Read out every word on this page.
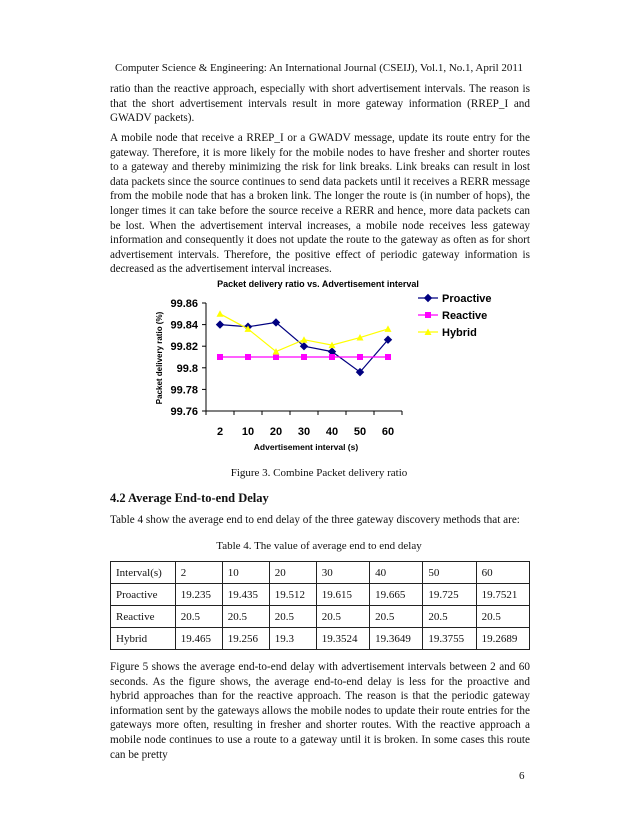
Computer Science & Engineering: An International Journal (CSEIJ), Vol.1, No.1, April 2011

ratio than the reactive approach, especially with short advertisement intervals. The reason is that the short advertisement intervals result in more gateway information (RREP_I and GWADV packets).

A mobile node that receive a RREP_I or a GWADV message, update its route entry for the gateway. Therefore, it is more likely for the mobile nodes to have fresher and shorter routes to a gateway and thereby minimizing the risk for link breaks. Link breaks can result in lost data packets since the source continues to send data packets until it receives a RERR message from the mobile node that has a broken link. The longer the route is (in number of hops), the longer times it can take before the source receive a RERR and hence, more data packets can be lost. When the advertisement interval increases, a mobile node receives less gateway information and consequently it does not update the route to the gateway as often as for short advertisement intervals. Therefore, the positive effect of periodic gateway information is decreased as the advertisement interval increases.

Packet delivery ratio vs. Advertisement interval
Packet delivery ratio (%)
Advertisement interval (s)
99.86
99.84
99.82
99.8
99.78
99.76
2 10 20 30 40 50 60
Proactive
Reactive
Hybrid
Figure 3. Combine Packet delivery ratio
4.2 Average End-to-end Delay

Table 4 show the average end to end delay of the three gateway discovery methods that are:

Table 4. The value of average end to end delay
Interval(s)	2	10	20	30	40	50	60
Proactive	19.235	19.435	19.512	19.615	19.665	19.725	19.7521
Reactive	20.5	20.5	20.5	20.5	20.5	20.5	20.5
Hybrid	19.465	19.256	19.3	19.3524	19.3649	19.3755	19.2689

Figure 5 shows the average end-to-end delay with advertisement intervals between 2 and 60 seconds. As the figure shows, the average end-to-end delay is less for the proactive and hybrid approaches than for the reactive approach. The reason is that the periodic gateway information sent by the gateways allows the mobile nodes to update their route entries for the gateways more often, resulting in fresher and shorter routes. With the reactive approach a mobile node continues to use a route to a gateway until it is broken. In some cases this route can be pretty

6
